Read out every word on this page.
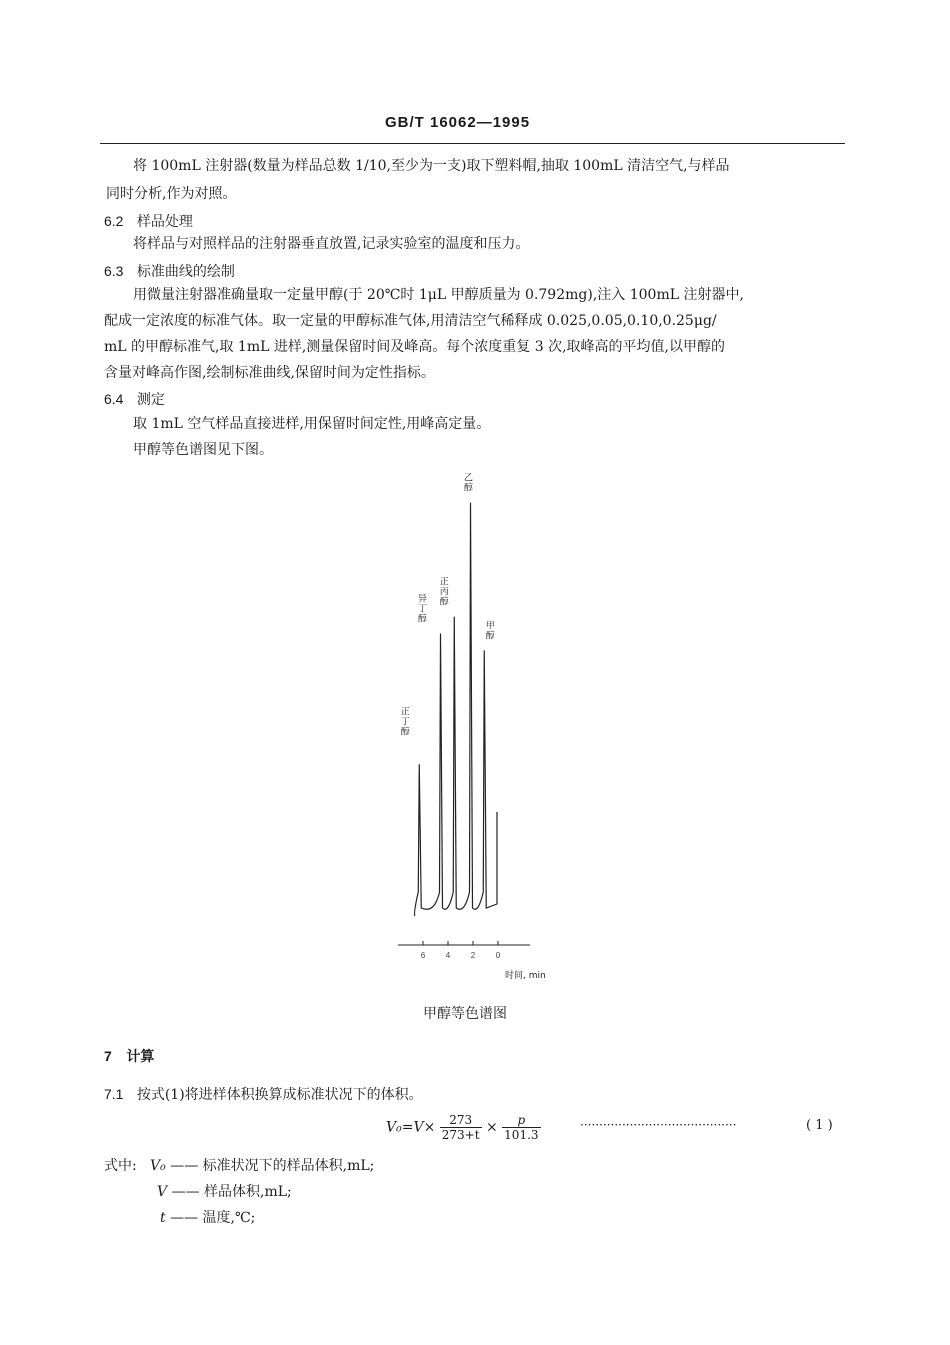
GB/T 16062—1995
将 100mL 注射器(数量为样品总数 1/10,至少为一支)取下塑料帽,抽取 100mL 清洁空气,与样品
同时分析,作为对照。
6.2 样品处理
将样品与对照样品的注射器垂直放置,记录实验室的温度和压力。
6.3 标准曲线的绘制
用微量注射器准确量取一定量甲醇(于 20℃时 1μL 甲醇质量为 0.792mg),注入 100mL 注射器中,
配成一定浓度的标准气体。取一定量的甲醇标准气体,用清洁空气稀释成 0.025,0.05,0.10,0.25μg/
mL 的甲醇标准气,取 1mL 进样,测量保留时间及峰高。每个浓度重复 3 次,取峰高的平均值,以甲醇的
含量对峰高作图,绘制标准曲线,保留时间为定性指标。
6.4 测定
取 1mL 空气样品直接进样,用保留时间定性,用峰高定量。
甲醇等色谱图见下图。
正丁醇
异丁醇
正丙醇
乙醇
甲醇
6	4	2	0
时间, min
甲醇等色谱图
7 计算
7.1 按式(1)将进样体积换算成标准状况下的体积。
$V_0=V\times \frac{273}{273+t} \times \frac{p}{101.3}$	·········································	( 1 )
式中: V₀ —— 标准状况下的样品体积,mL;
V —— 样品体积,mL;
t —— 温度,℃;
